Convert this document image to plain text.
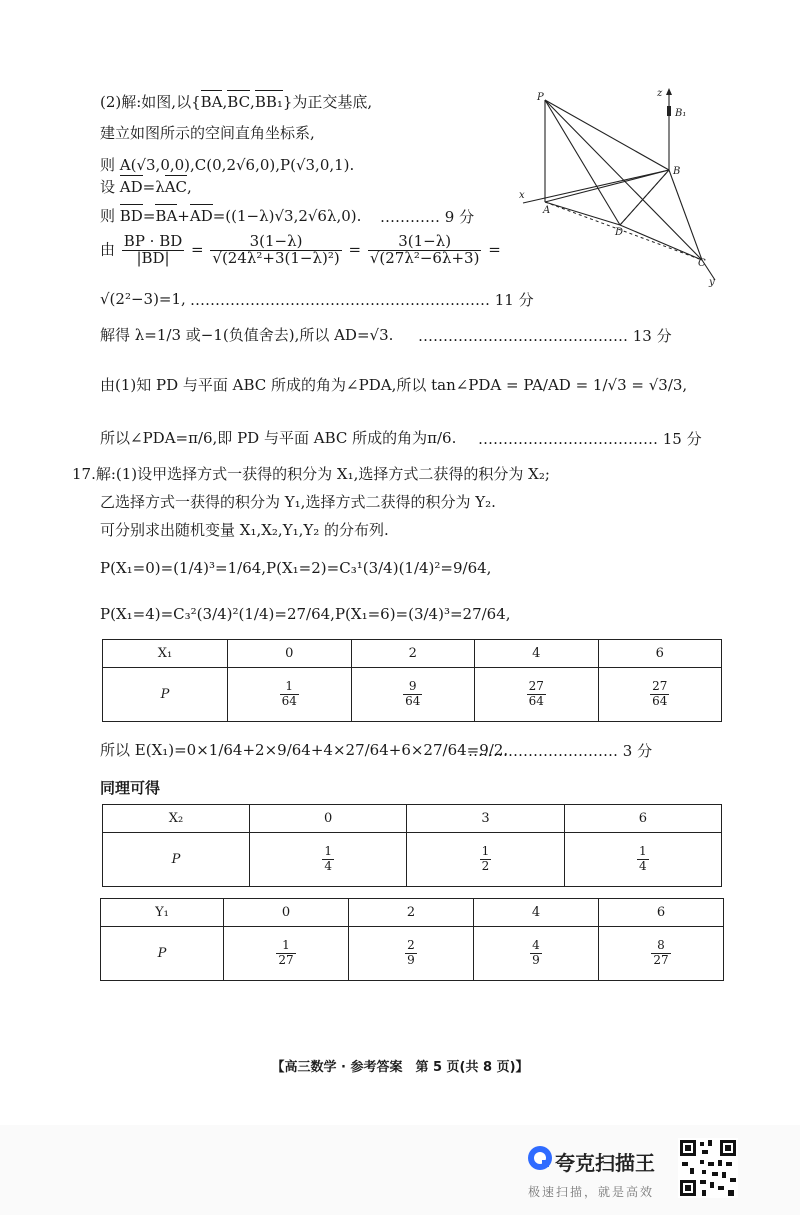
(2)解:如图,以{BA,BC,BB₁}为正交基底,
建立如图所示的空间直角坐标系,
则 A(√3,0,0),C(0,2√6,0),P(√3,0,1).
设 AD=λAC,
则 BD=BA+AD=((1−λ)√3,2√6λ,0). ………… 9 分
由 $\frac{BP \cdot BD}{|BD|} = \frac{3(1-\lambda)}{\text{√(24λ²+3(1−λ)²)}} = \frac{3(1-\lambda)}{\text{√(27λ²−6λ+3)}}$ =
√(2²−3)=1, …………………………………………………… 11 分
解得 λ=1/3 或−1(负值舍去),所以 AD=√3. …………………………………… 13 分
由(1)知 PD 与平面 ABC 所成的角为∠PDA,所以 tan∠PDA = PA/AD = 1/√3 = √3/3,
所以∠PDA=π/6,即 PD 与平面 ABC 所成的角为π/6. ……………………………… 15 分
P	z
B₁
B
x
A
D
C
y
17.解:(1)设甲选择方式一获得的积分为 X₁,选择方式二获得的积分为 X₂;
乙选择方式一获得的积分为 Y₁,选择方式二获得的积分为 Y₂.
可分别求出随机变量 X₁,X₂,Y₁,Y₂ 的分布列.
P(X₁=0)=(1/4)³=1/64,P(X₁=2)=C₃¹(3/4)(1/4)²=9/64,
P(X₁=4)=C₃²(3/4)²(1/4)=27/64,P(X₁=6)=(3/4)³=27/64,
X₁	0	2	4	6
P	$\frac{1}{64}$	$\frac{9}{64}$	$\frac{27}{64}$	$\frac{27}{64}$
所以 E(X₁)=0×1/64+2×9/64+4×27/64+6×27/64=9/2.
………………………… 3 分
同理可得
X₂	0	3	6
P	$\frac{1}{4}$	$\frac{1}{2}$	$\frac{1}{4}$
Y₁	0	2	4	6
P	$\frac{1}{27}$	$\frac{2}{9}$	$\frac{4}{9}$	$\frac{8}{27}$
【高三数学 · 参考答案　第 5 页(共 8 页)】
夸克扫描王
极速扫描，就是高效
